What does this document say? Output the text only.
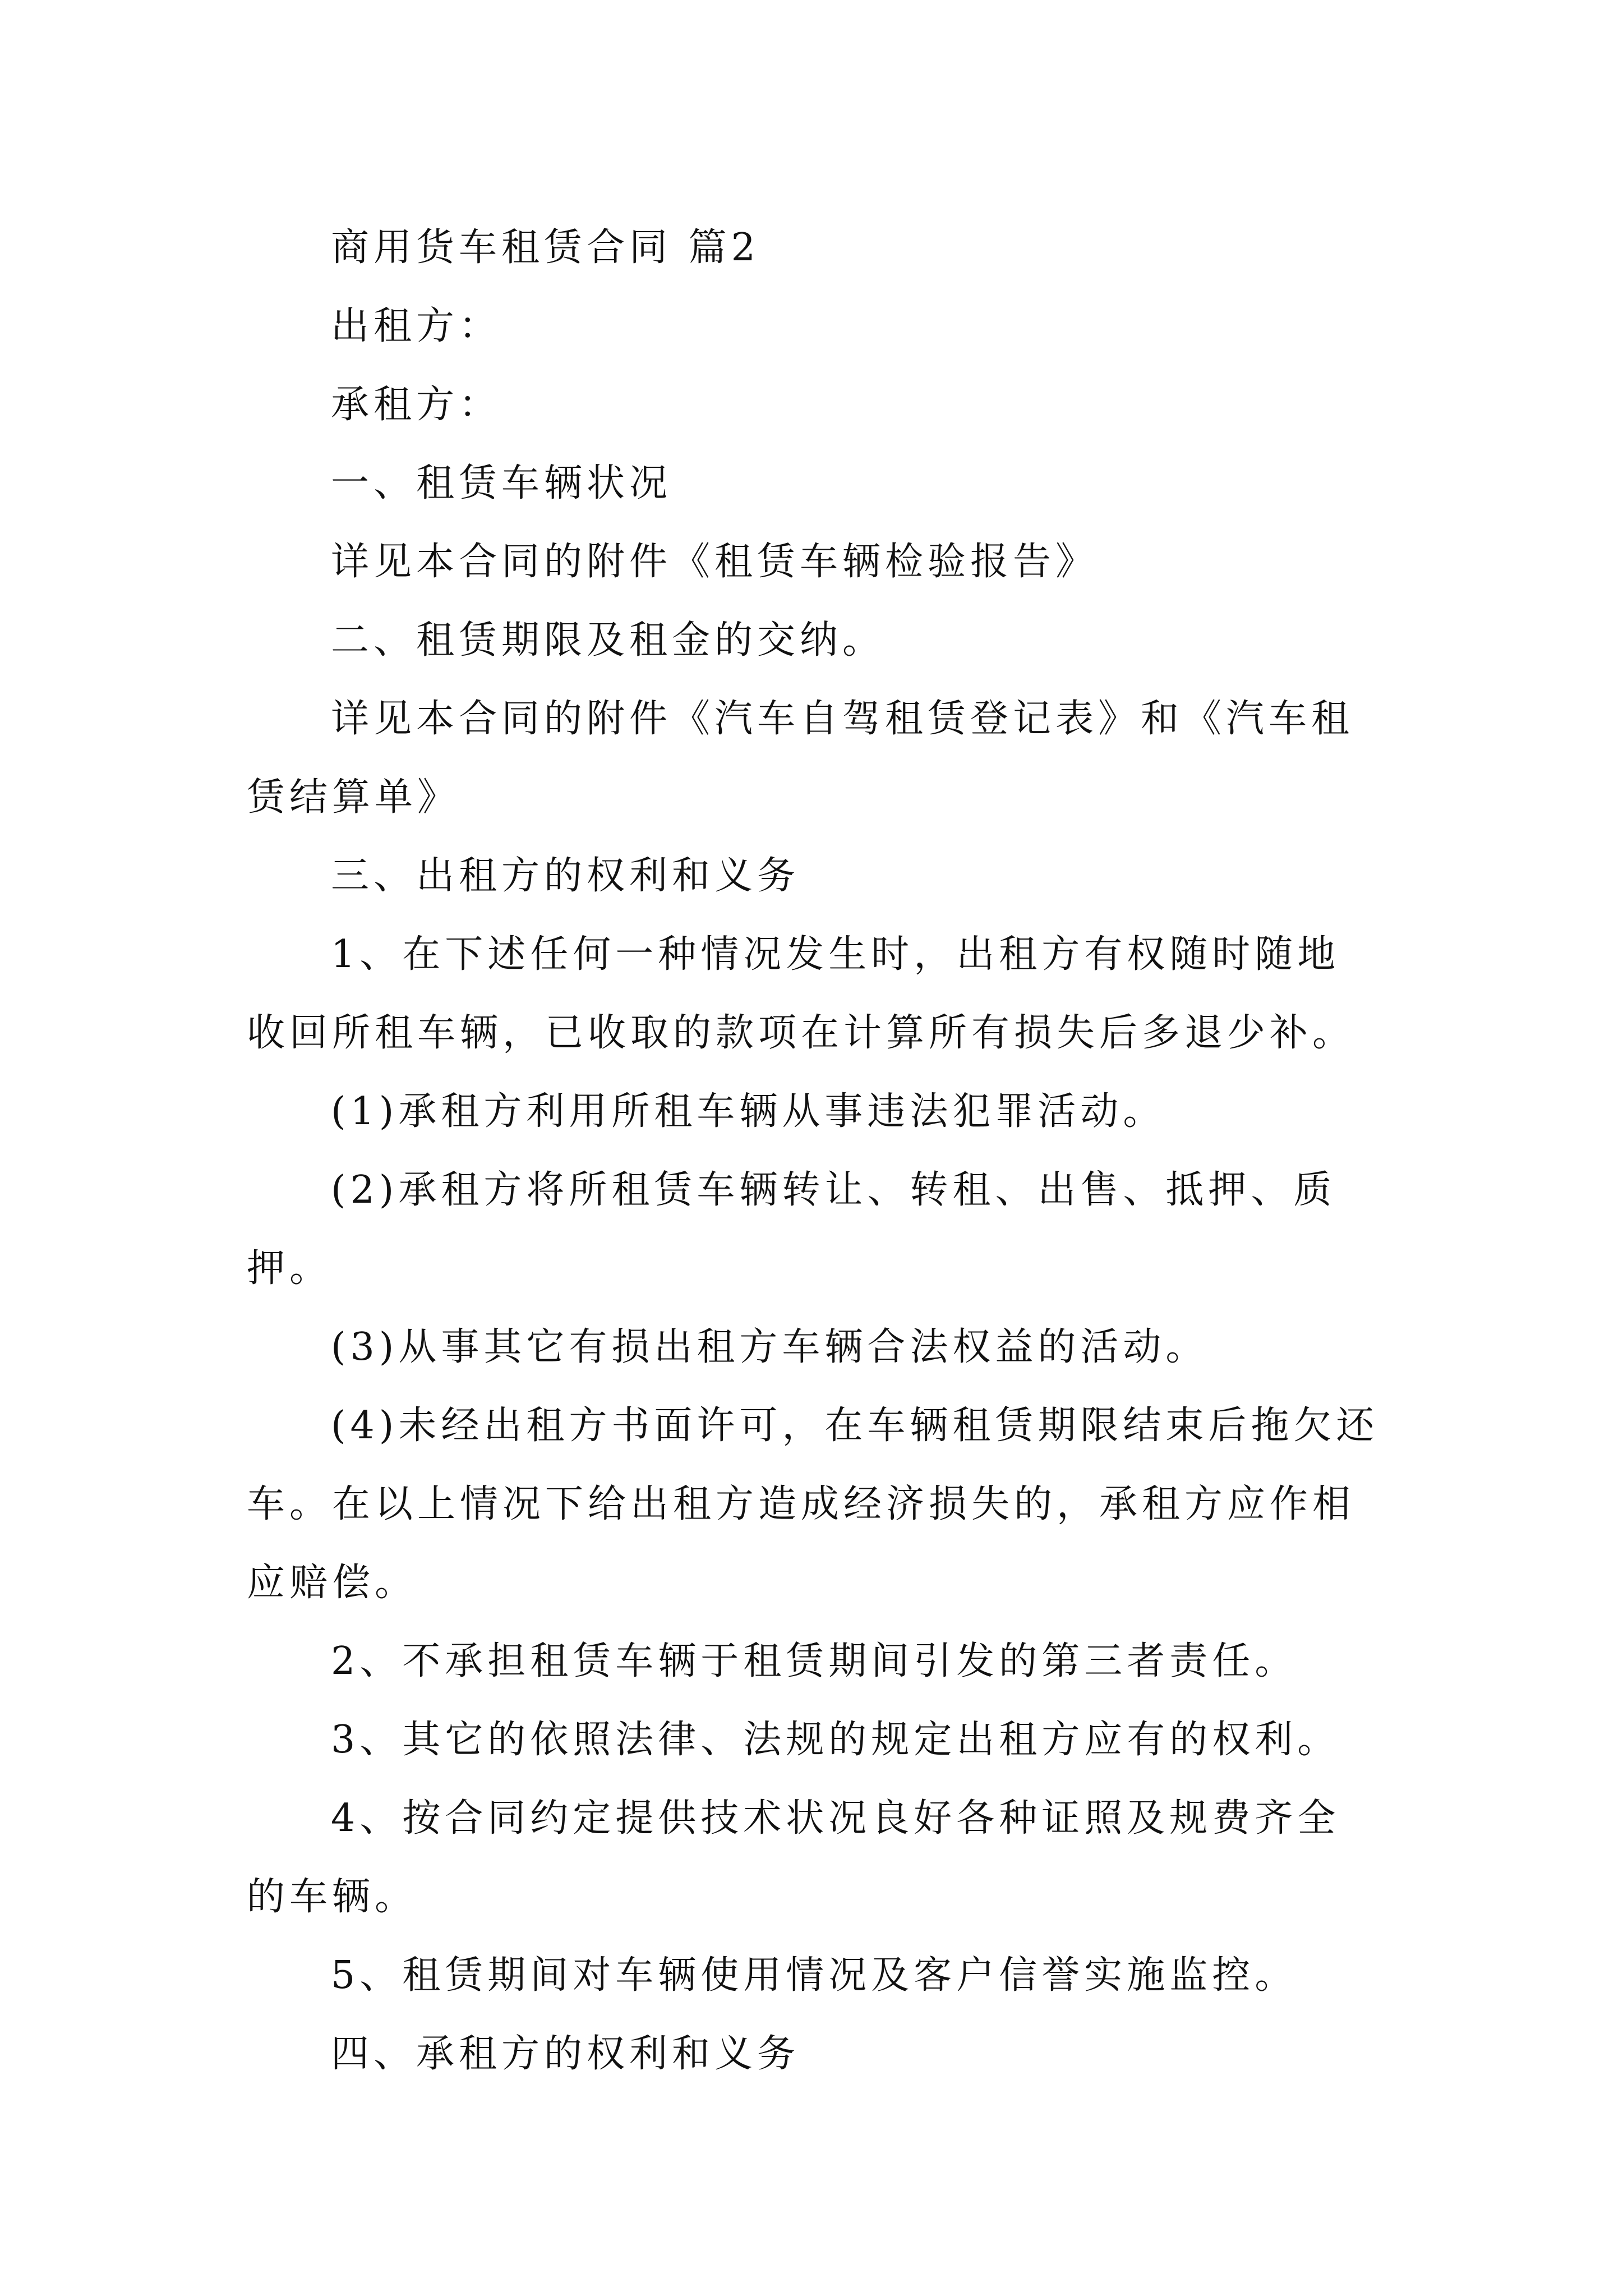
商用货车租赁合同 篇2

出租方：

承租方：

一、租赁车辆状况

详见本合同的附件《租赁车辆检验报告》

二、租赁期限及租金的交纳。

详见本合同的附件《汽车自驾租赁登记表》和《汽车租赁结算单》

三、出租方的权利和义务

1、在下述任何一种情况发生时，出租方有权随时随地收回所租车辆，已收取的款项在计算所有损失后多退少补。

(1)承租方利用所租车辆从事违法犯罪活动。

(2)承租方将所租赁车辆转让、转租、出售、抵押、质押。

(3)从事其它有损出租方车辆合法权益的活动。

(4)未经出租方书面许可，在车辆租赁期限结束后拖欠还车。在以上情况下给出租方造成经济损失的，承租方应作相应赔偿。

2、不承担租赁车辆于租赁期间引发的第三者责任。

3、其它的依照法律、法规的规定出租方应有的权利。

4、按合同约定提供技术状况良好各种证照及规费齐全的车辆。

5、租赁期间对车辆使用情况及客户信誉实施监控。

四、承租方的权利和义务
